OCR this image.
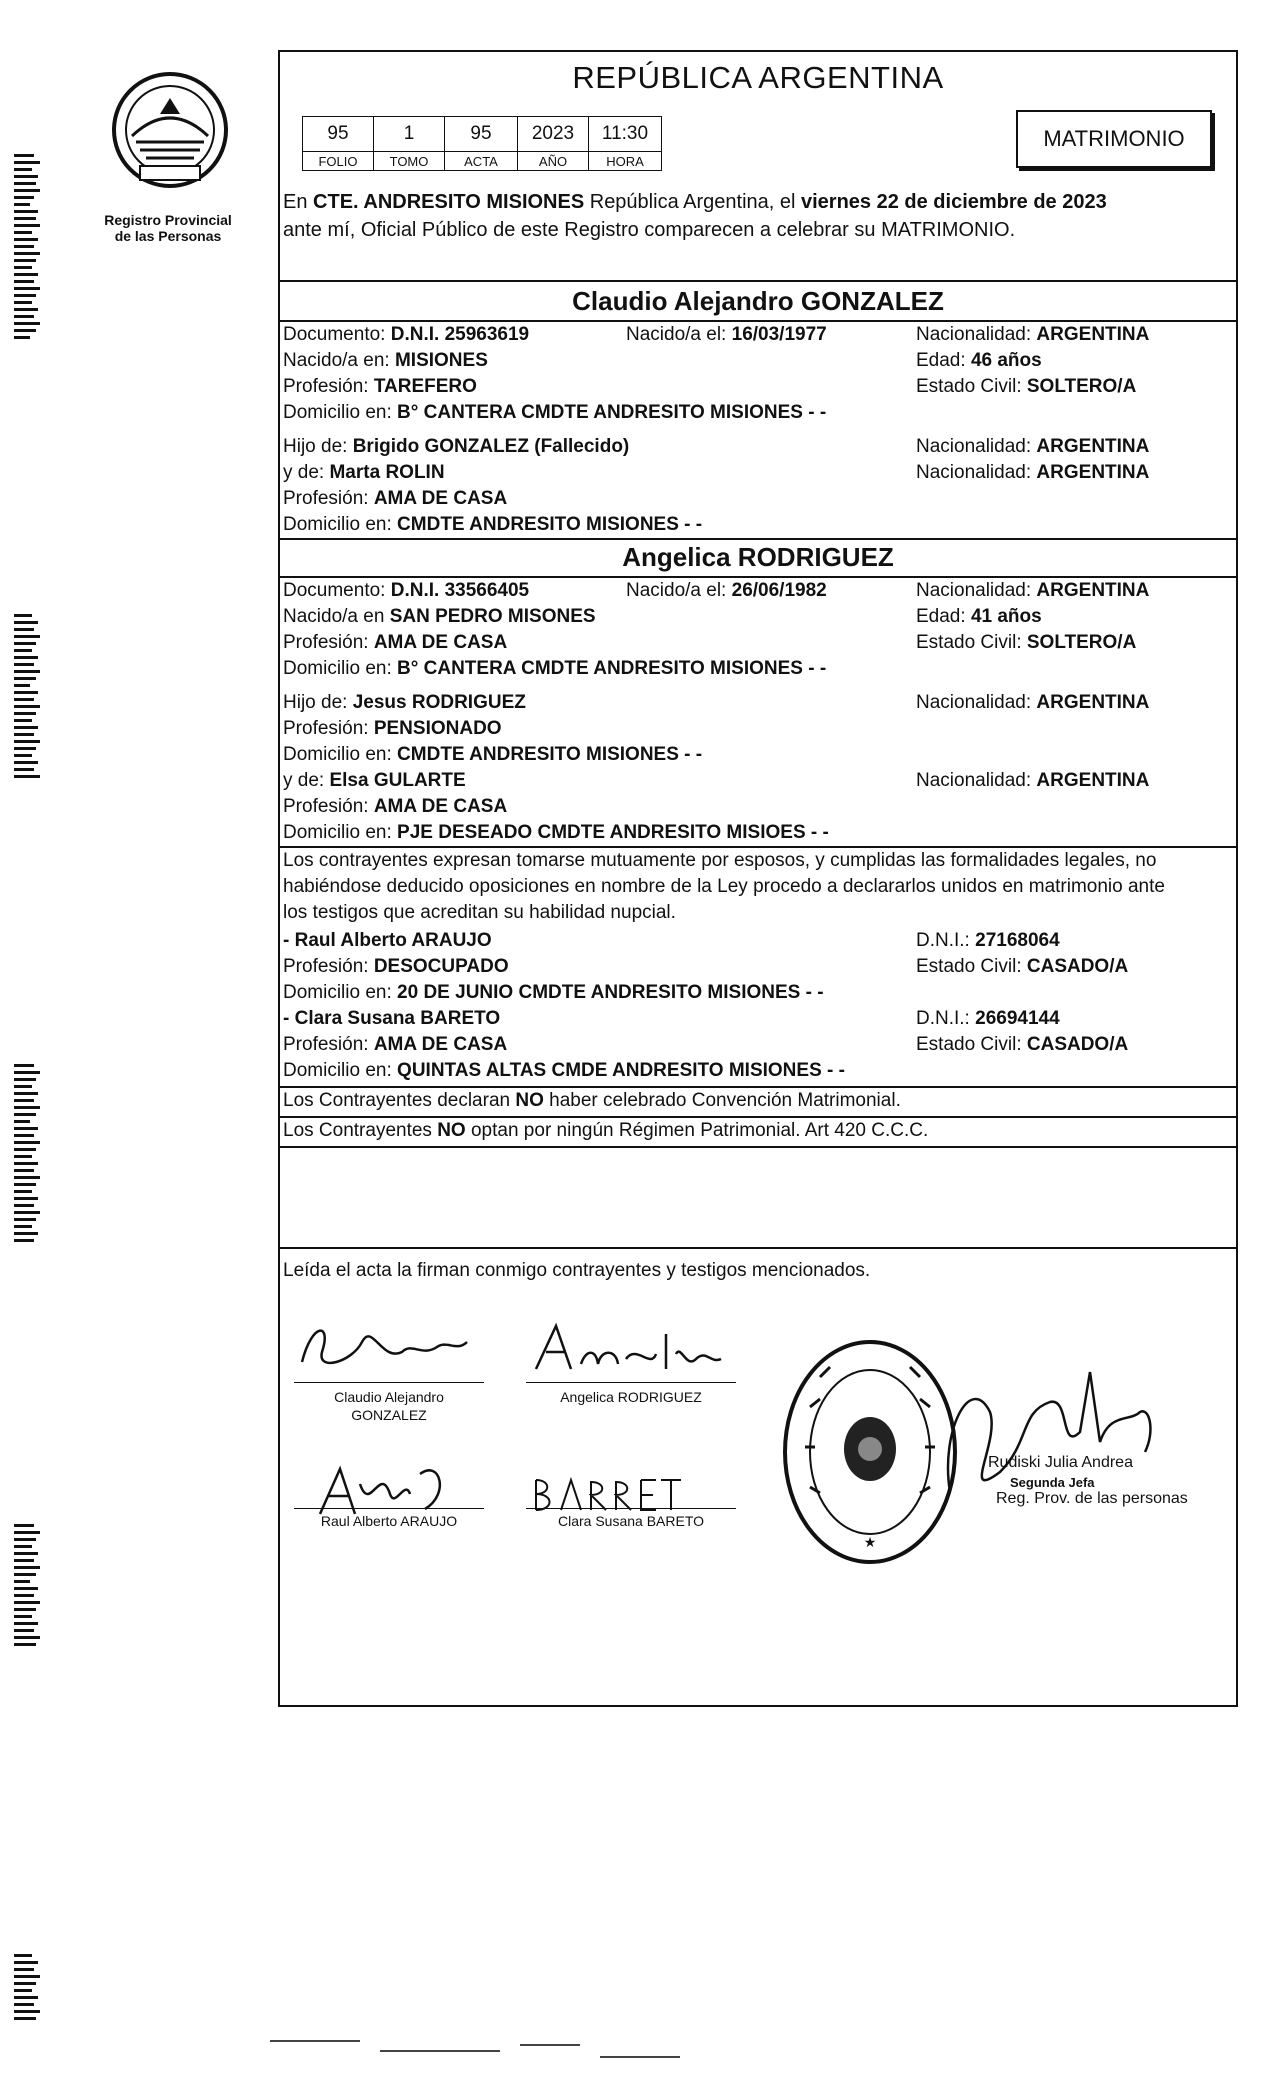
Registro Provincial
de las Personas
REPÚBLICA ARGENTINA
95	1	95	2023	11:30
FOLIO	TOMO	ACTA	AÑO	HORA
MATRIMONIO
En CTE. ANDRESITO MISIONES República Argentina, el viernes 22 de diciembre de 2023
ante mí, Oficial Público de este Registro comparecen a celebrar su MATRIMONIO.
Claudio Alejandro GONZALEZ
Documento: D.N.I. 25963619	Nacido/a el: 16/03/1977	Nacionalidad: ARGENTINA
Nacido/a en: MISIONES	Edad: 46 años
Profesión: TAREFERO	Estado Civil: SOLTERO/A
Domicilio en: B° CANTERA CMDTE ANDRESITO MISIONES - -
Hijo de: Brigido GONZALEZ (Fallecido)	Nacionalidad: ARGENTINA
y de: Marta ROLIN	Nacionalidad: ARGENTINA
Profesión: AMA DE CASA
Domicilio en: CMDTE ANDRESITO MISIONES - -
Angelica RODRIGUEZ
Documento: D.N.I. 33566405	Nacido/a el: 26/06/1982	Nacionalidad: ARGENTINA
Nacido/a en SAN PEDRO MISONES	Edad: 41 años
Profesión: AMA DE CASA	Estado Civil: SOLTERO/A
Domicilio en: B° CANTERA CMDTE ANDRESITO MISIONES - -
Hijo de: Jesus RODRIGUEZ	Nacionalidad: ARGENTINA
Profesión: PENSIONADO
Domicilio en: CMDTE ANDRESITO MISIONES - -
y de: Elsa GULARTE	Nacionalidad: ARGENTINA
Profesión: AMA DE CASA
Domicilio en: PJE DESEADO CMDTE ANDRESITO MISIOES - -
Los contrayentes expresan tomarse mutuamente por esposos, y cumplidas las formalidades legales, no
habiéndose deducido oposiciones en nombre de la Ley procedo a declararlos unidos en matrimonio ante
los testigos que acreditan su habilidad nupcial.
- Raul Alberto ARAUJO	D.N.I.: 27168064
Profesión: DESOCUPADO	Estado Civil: CASADO/A
Domicilio en: 20 DE JUNIO CMDTE ANDRESITO MISIONES - -
- Clara Susana BARETO	D.N.I.: 26694144
Profesión: AMA DE CASA	Estado Civil: CASADO/A
Domicilio en: QUINTAS ALTAS CMDE ANDRESITO MISIONES - -
Los Contrayentes declaran NO haber celebrado Convención Matrimonial.
Los Contrayentes NO optan por ningún Régimen Patrimonial. Art 420 C.C.C.
Leída el acta la firman conmigo contrayentes y testigos mencionados.
Claudio Alejandro
GONZALEZ
Angelica RODRIGUEZ
Raul Alberto ARAUJO	Clara Susana BARETO
★
Rudiski Julia Andrea
Segunda Jefa
Reg. Prov. de las personas
